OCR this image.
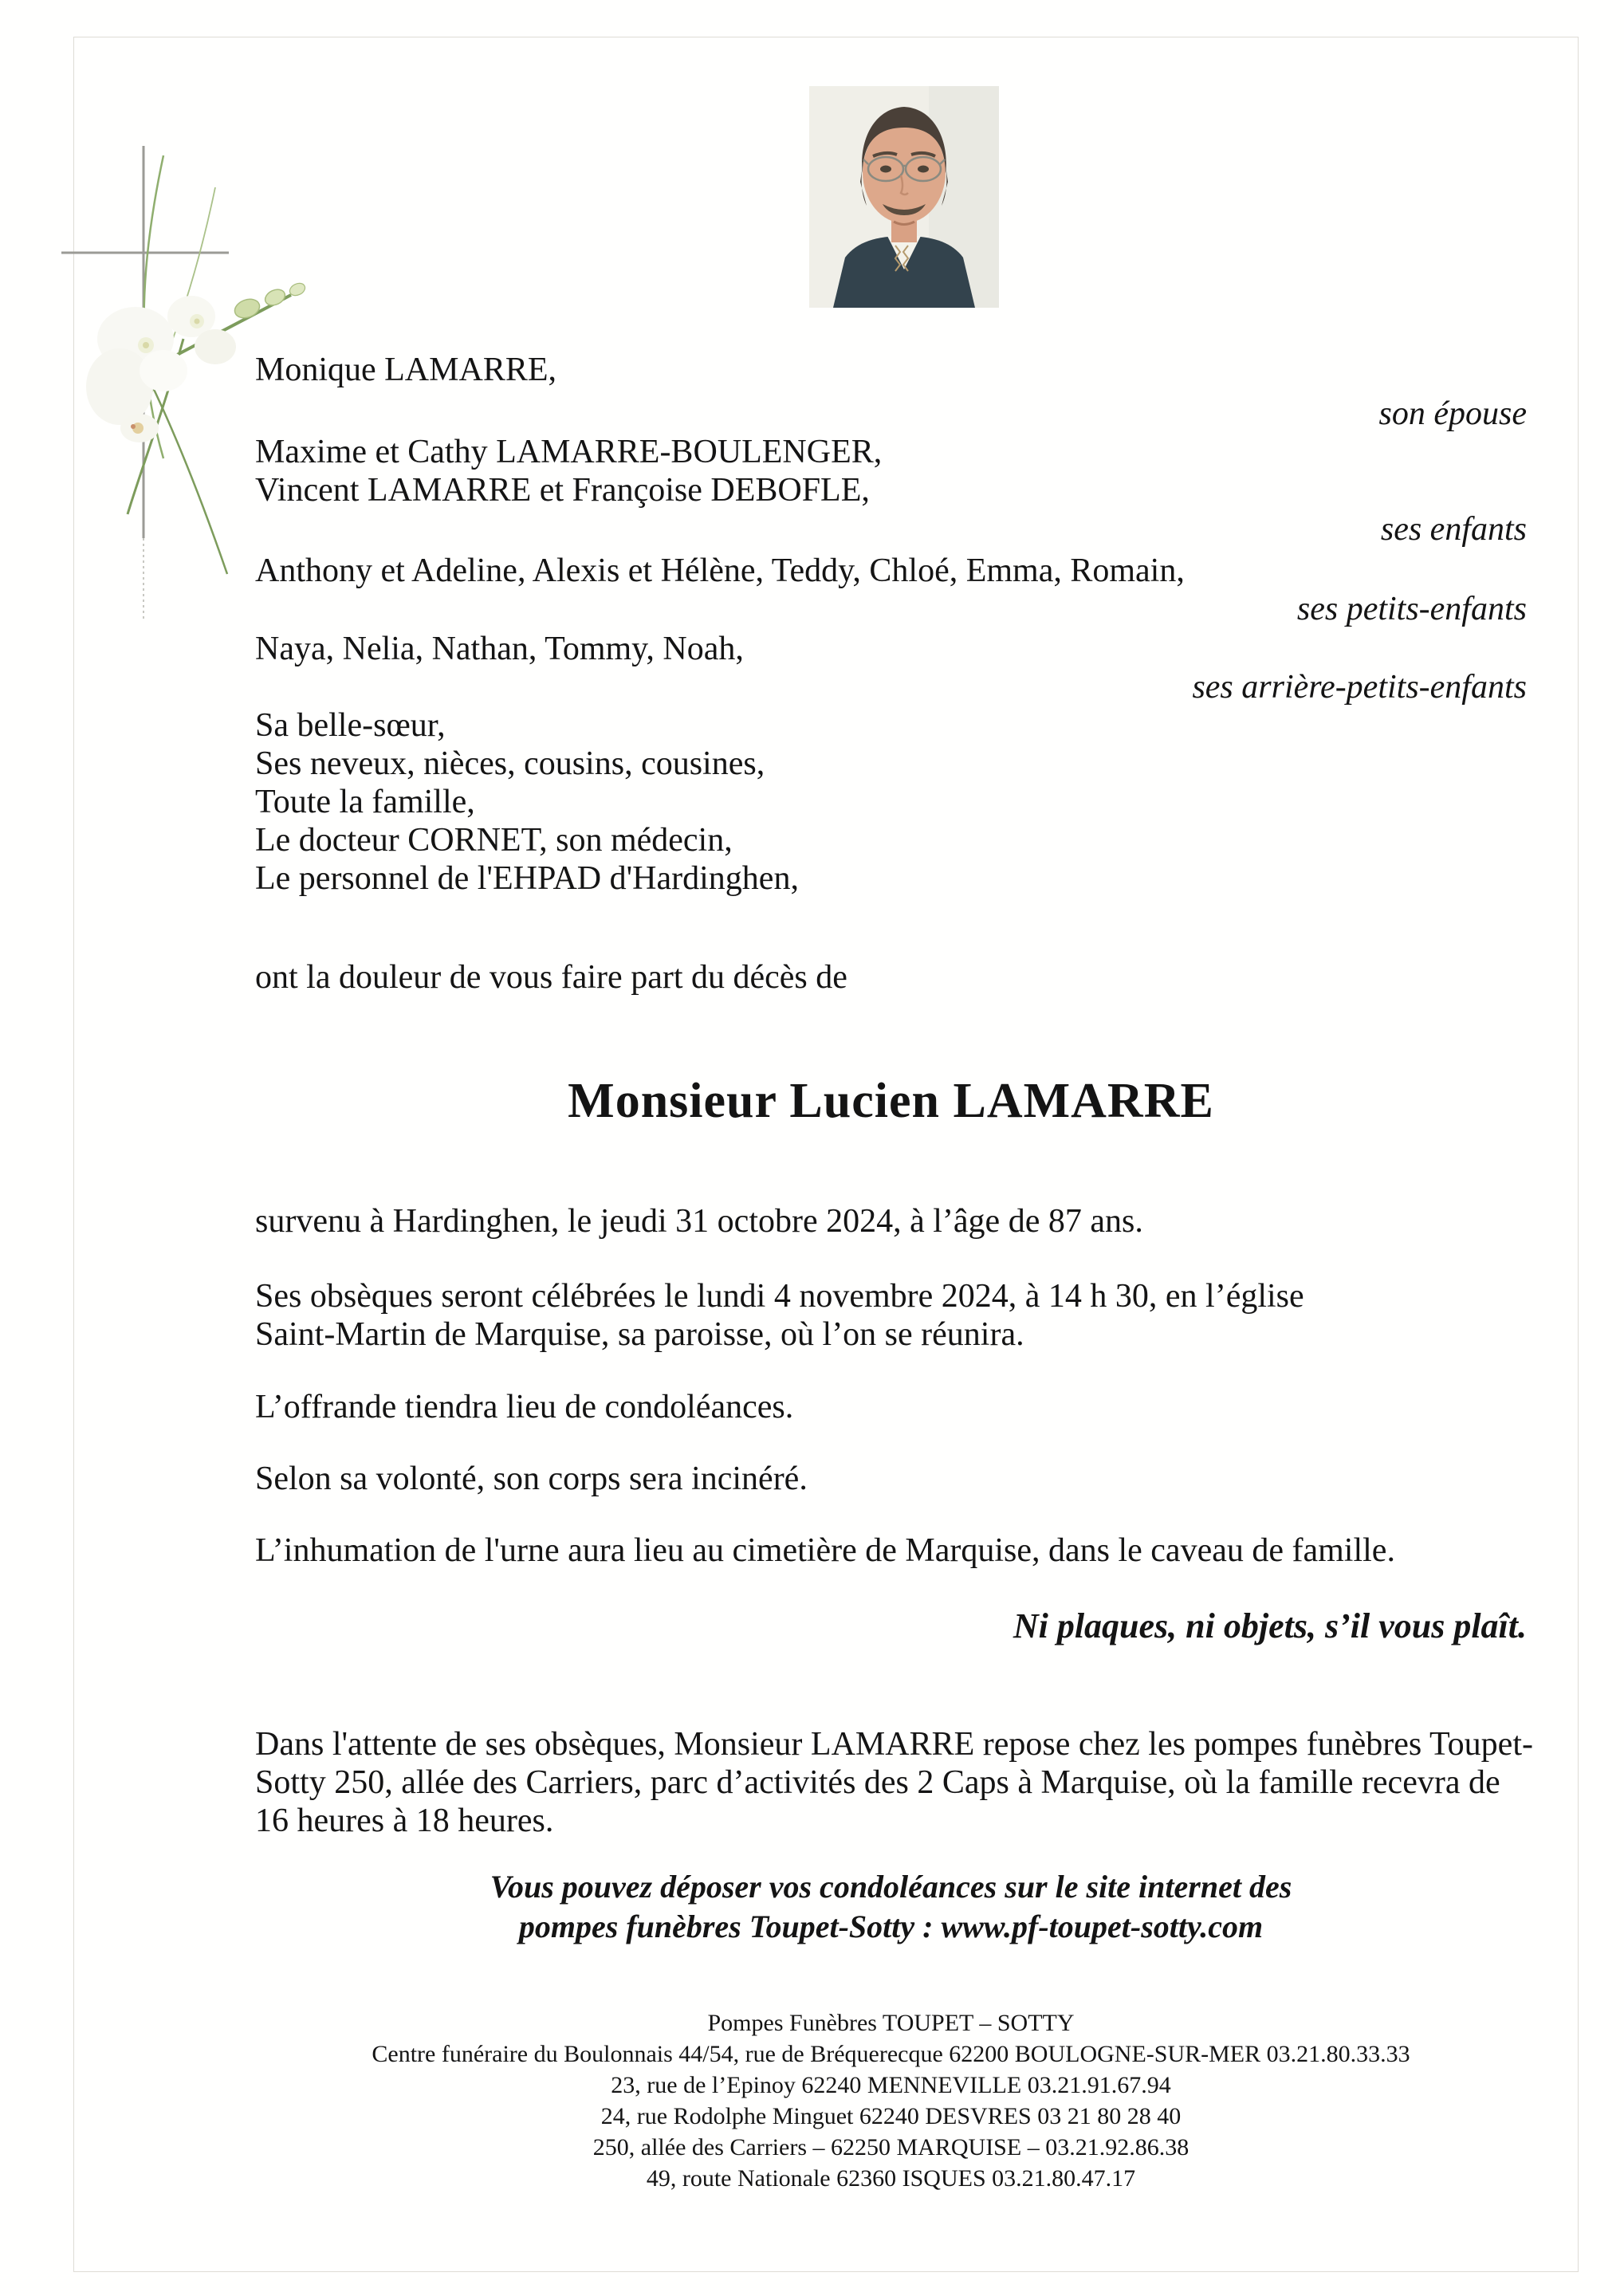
Monique LAMARRE,
son épouse
Maxime et Cathy LAMARRE-BOULENGER,
Vincent LAMARRE et Françoise DEBOFLE,
ses enfants
Anthony et Adeline, Alexis et Hélène, Teddy, Chloé, Emma, Romain,
ses petits-enfants
Naya, Nelia, Nathan, Tommy, Noah,
ses arrière-petits-enfants
Sa belle-sœur,
Ses neveux, nièces, cousins, cousines,
Toute la famille,
Le docteur CORNET, son médecin,
Le personnel de l'EHPAD d'Hardinghen,
ont la douleur de vous faire part du décès de
Monsieur Lucien LAMARRE
survenu à Hardinghen, le jeudi 31 octobre 2024, à l’âge de 87 ans.
Ses obsèques seront célébrées le lundi 4 novembre 2024, à 14 h 30, en l’église
Saint-Martin de Marquise, sa paroisse, où l’on se réunira.
L’offrande tiendra lieu de condoléances.
Selon sa volonté, son corps sera incinéré.
L’inhumation de l'urne aura lieu au cimetière de Marquise, dans le caveau de famille.
Ni plaques, ni objets, s’il vous plaît.
Dans l'attente de ses obsèques, Monsieur LAMARRE repose chez les pompes funèbres Toupet-
Sotty 250, allée des Carriers, parc d’activités des 2 Caps à Marquise, où la famille recevra de
16 heures à 18 heures.
Vous pouvez déposer vos condoléances sur le site internet des
pompes funèbres Toupet-Sotty : www.pf-toupet-sotty.com
Pompes Funèbres TOUPET – SOTTY
Centre funéraire du Boulonnais 44/54, rue de Bréquerecque 62200 BOULOGNE-SUR-MER 03.21.80.33.33
23, rue de l’Epinoy 62240 MENNEVILLE 03.21.91.67.94
24, rue Rodolphe Minguet 62240 DESVRES 03 21 80 28 40
250, allée des Carriers – 62250 MARQUISE – 03.21.92.86.38
49, route Nationale 62360 ISQUES 03.21.80.47.17
